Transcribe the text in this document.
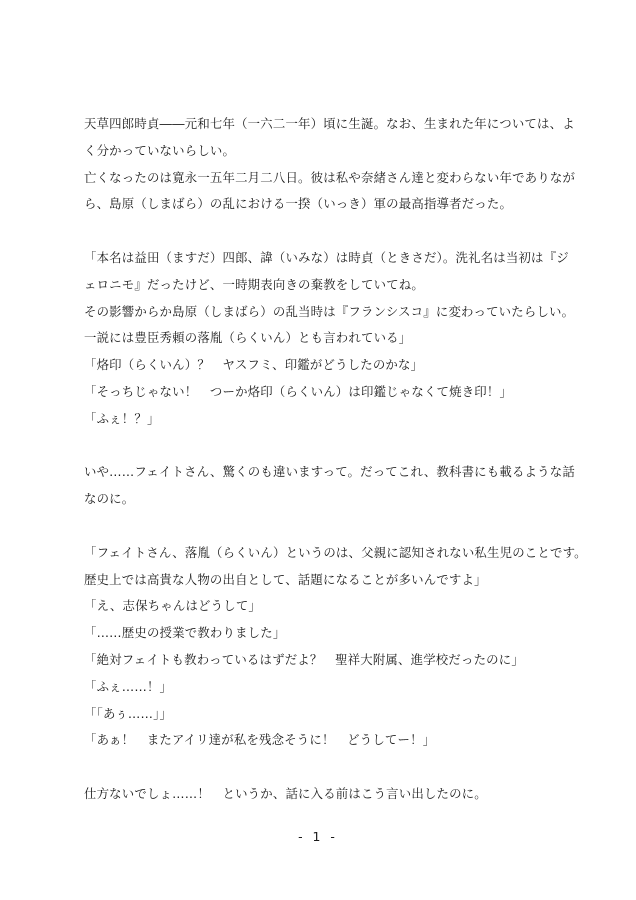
天草四郎時貞――元和七年（一六二一年）頃に生誕。なお、生まれた年については、よ
く分かっていないらしい。
亡くなったのは寛永一五年二月二八日。彼は私や奈緒さん達と変わらない年でありなが
ら、島原（しまばら）の乱における一揆（いっき）軍の最高指導者だった。
「本名は益田（ますだ）四郎、諱（いみな）は時貞（ときさだ）。洗礼名は当初は『ジ
ェロニモ』だったけど、一時期表向きの棄教をしていてね。
その影響からか島原（しまばら）の乱当時は『フランシスコ』に変わっていたらしい。
一説には豊臣秀頼の落胤（らくいん）とも言われている」
「烙印（らくいん）？　ヤスフミ、印鑑がどうしたのかな」
「そっちじゃない！　つーか烙印（らくいん）は印鑑じゃなくて焼き印！」
「ふぇ！？」
いや……フェイトさん、驚くのも違いますって。だってこれ、教科書にも載るような話
なのに。
「フェイトさん、落胤（らくいん）というのは、父親に認知されない私生児のことです。
歴史上では高貴な人物の出自として、話題になることが多いんですよ」
「え、志保ちゃんはどうして」
「……歴史の授業で教わりました」
「絶対フェイトも教わっているはずだよ？　聖祥大附属、進学校だったのに」
「ふぇ……！」
「「あぅ……」」
「あぁ！　またアイリ達が私を残念そうに！　どうしてー！」
仕方ないでしょ……！　というか、話に入る前はこう言い出したのに。
- 1 -
